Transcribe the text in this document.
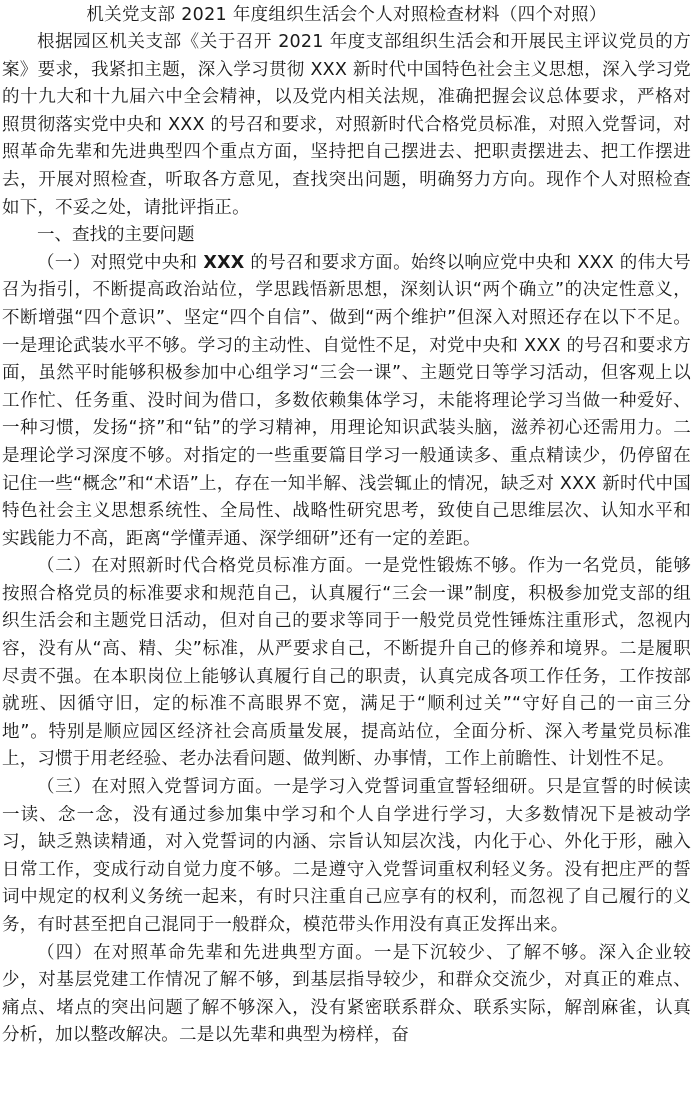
机关党支部 2021 年度组织生活会个人对照检查材料（四个对照）

根据园区机关支部《关于召开 2021 年度支部组织生活会和开展民主评议党员的方案》要求，我紧扣主题，深入学习贯彻 XXX 新时代中国特色社会主义思想，深入学习党的十九大和十九届六中全会精神，以及党内相关法规，准确把握会议总体要求，严格对照贯彻落实党中央和 XXX 的号召和要求，对照新时代合格党员标准，对照入党誓词，对照革命先辈和先进典型四个重点方面，坚持把自己摆进去、把职责摆进去、把工作摆进去，开展对照检查，听取各方意见，查找突出问题，明确努力方向。现作个人对照检查如下，不妥之处，请批评指正。

一、查找的主要问题

（一）对照党中央和 XXX 的号召和要求方面。始终以响应党中央和 XXX 的伟大号召为指引，不断提高政治站位，学思践悟新思想，深刻认识“两个确立”的决定性意义，不断增强“四个意识”、坚定“四个自信”、做到“两个维护”但深入对照还存在以下不足。一是理论武装水平不够。学习的主动性、自觉性不足，对党中央和 XXX 的号召和要求方面，虽然平时能够积极参加中心组学习“三会一课”、主题党日等学习活动，但客观上以工作忙、任务重、没时间为借口，多数依赖集体学习，未能将理论学习当做一种爱好、一种习惯，发扬“挤”和“钻”的学习精神，用理论知识武装头脑，滋养初心还需用力。二是理论学习深度不够。对指定的一些重要篇目学习一般通读多、重点精读少，仍停留在记住一些“概念”和“术语”上，存在一知半解、浅尝辄止的情况，缺乏对 XXX 新时代中国特色社会主义思想系统性、全局性、战略性研究思考，致使自己思维层次、认知水平和实践能力不高，距离“学懂弄通、深学细研”还有一定的差距。

（二）在对照新时代合格党员标准方面。一是党性锻炼不够。作为一名党员，能够按照合格党员的标准要求和规范自己，认真履行“三会一课”制度，积极参加党支部的组织生活会和主题党日活动，但对自己的要求等同于一般党员党性锤炼注重形式，忽视内容，没有从“高、精、尖”标准，从严要求自己，不断提升自己的修养和境界。二是履职尽责不强。在本职岗位上能够认真履行自己的职责，认真完成各项工作任务，工作按部就班、因循守旧，定的标准不高眼界不宽，满足于“顺利过关”“守好自己的一亩三分地”。特别是顺应园区经济社会高质量发展，提高站位，全面分析、深入考量党员标准上，习惯于用老经验、老办法看问题、做判断、办事情，工作上前瞻性、计划性不足。

（三）在对照入党誓词方面。一是学习入党誓词重宣誓轻细研。只是宣誓的时候读一读、念一念，没有通过参加集中学习和个人自学进行学习，大多数情况下是被动学习，缺乏熟读精通，对入党誓词的内涵、宗旨认知层次浅，内化于心、外化于形，融入日常工作，变成行动自觉力度不够。二是遵守入党誓词重权利轻义务。没有把庄严的誓词中规定的权利义务统一起来，有时只注重自己应享有的权利，而忽视了自己履行的义务，有时甚至把自己混同于一般群众，模范带头作用没有真正发挥出来。

（四）在对照革命先辈和先进典型方面。一是下沉较少、了解不够。深入企业较少，对基层党建工作情况了解不够，到基层指导较少，和群众交流少，对真正的难点、痛点、堵点的突出问题了解不够深入，没有紧密联系群众、联系实际，解剖麻雀，认真分析，加以整改解决。二是以先辈和典型为榜样，奋
